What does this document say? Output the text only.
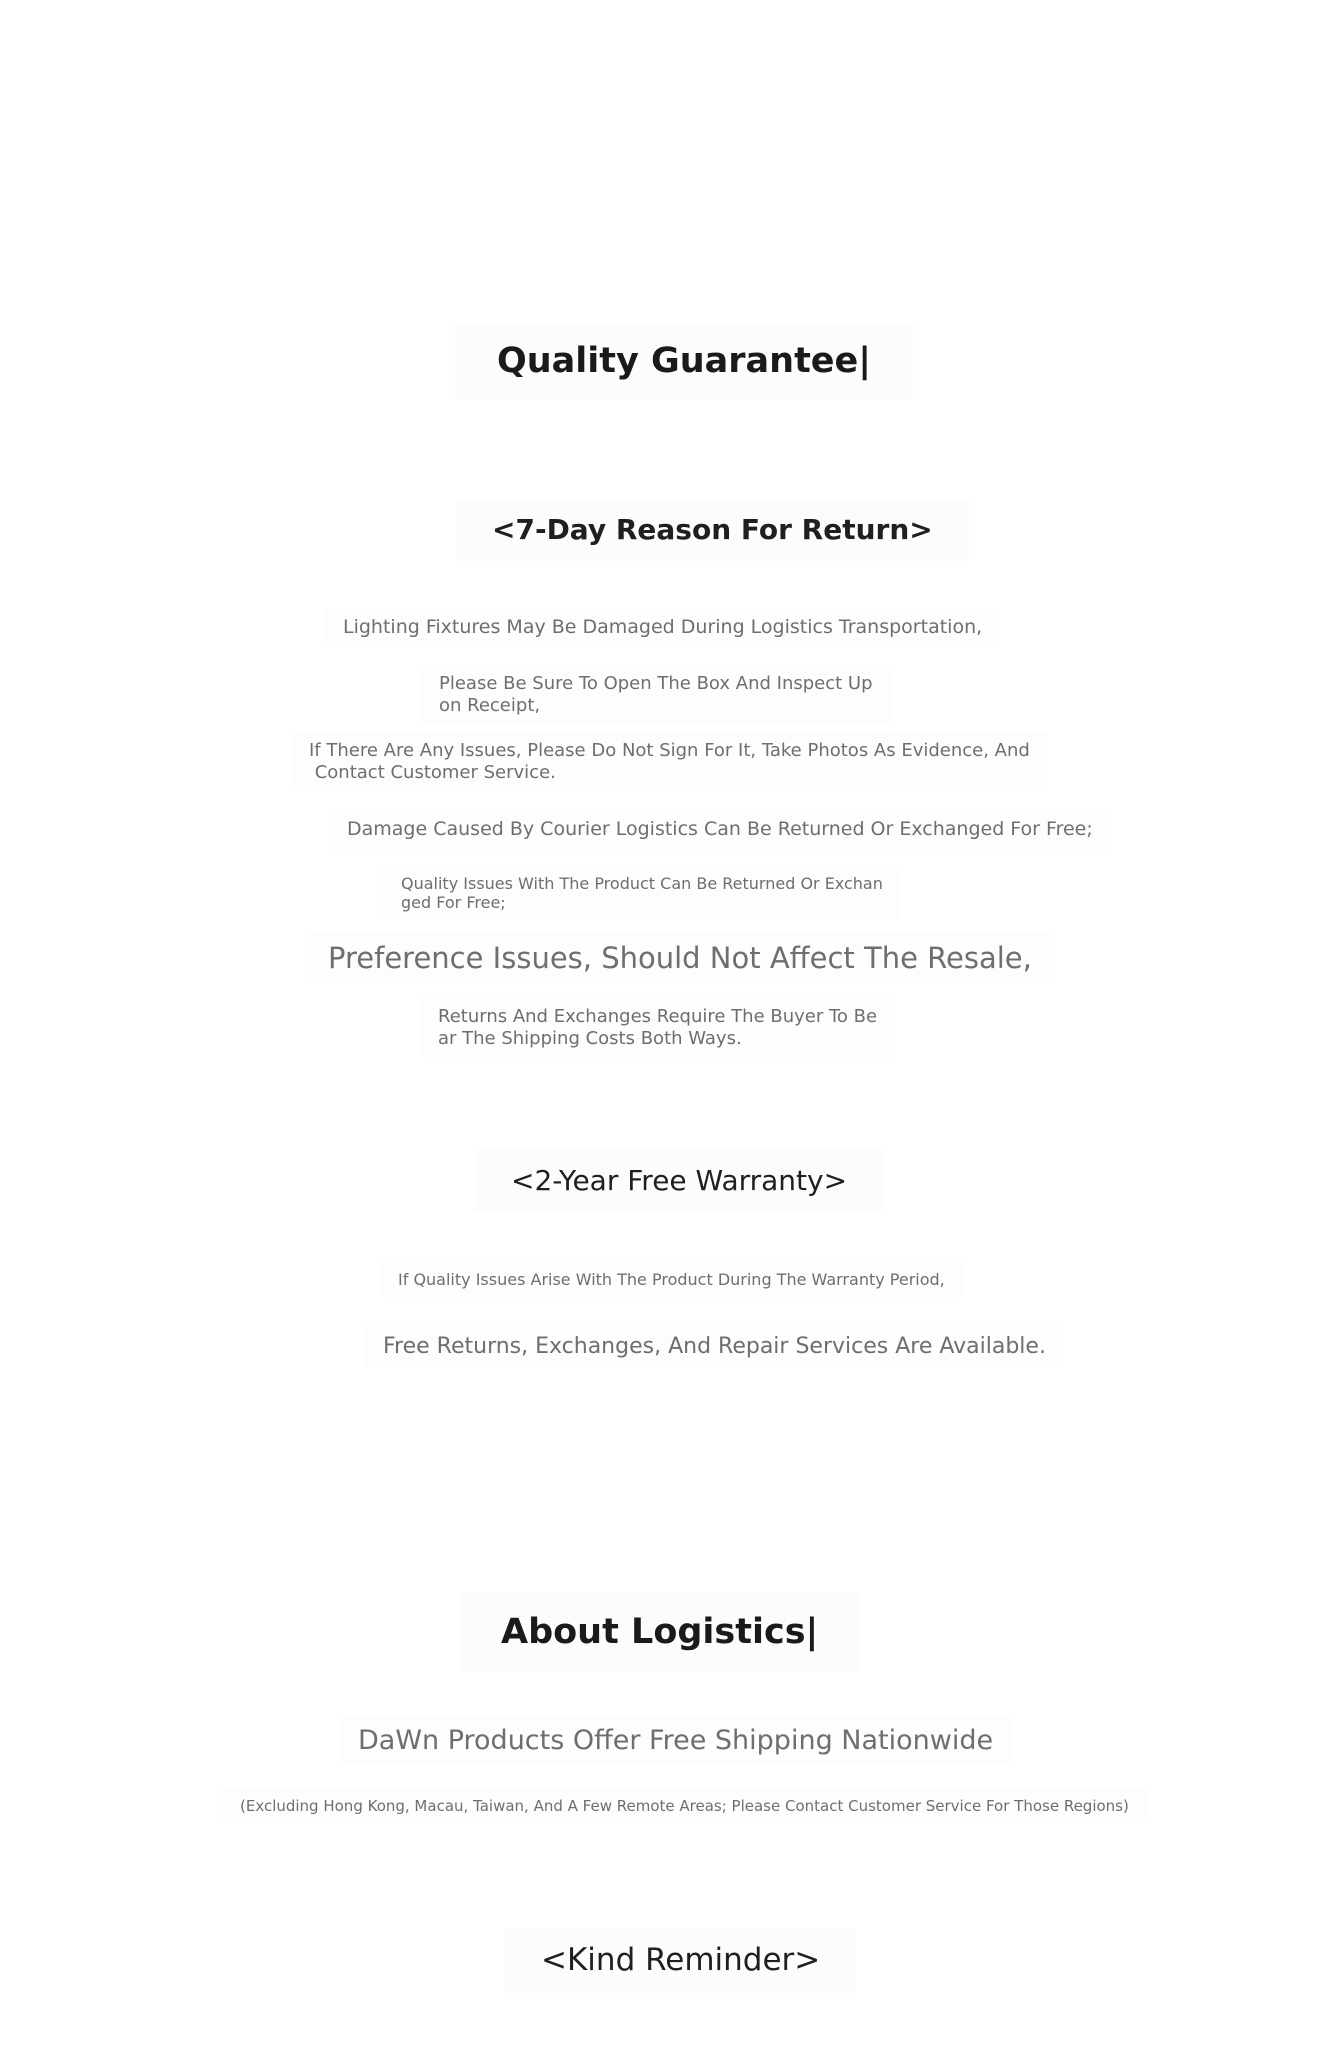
Quality Guarantee|
<7-Day Reason For Return>
Lighting Fixtures May Be Damaged During Logistics Transportation,
Please Be Sure To Open The Box And Inspect Up
on Receipt,
If There Are Any Issues, Please Do Not Sign For It, Take Photos As Evidence, And
Contact Customer Service.
Damage Caused By Courier Logistics Can Be Returned Or Exchanged For Free;
Quality Issues With The Product Can Be Returned Or Exchan
ged For Free;
Preference Issues, Should Not Affect The Resale,
Returns And Exchanges Require The Buyer To Be
ar The Shipping Costs Both Ways.
<2-Year Free Warranty>
If Quality Issues Arise With The Product During The Warranty Period,
Free Returns, Exchanges, And Repair Services Are Available.
About Logistics|
DaWn Products Offer Free Shipping Nationwide
(Excluding Hong Kong, Macau, Taiwan, And A Few Remote Areas; Please Contact Customer Service For Those Regions)
<Kind Reminder>
